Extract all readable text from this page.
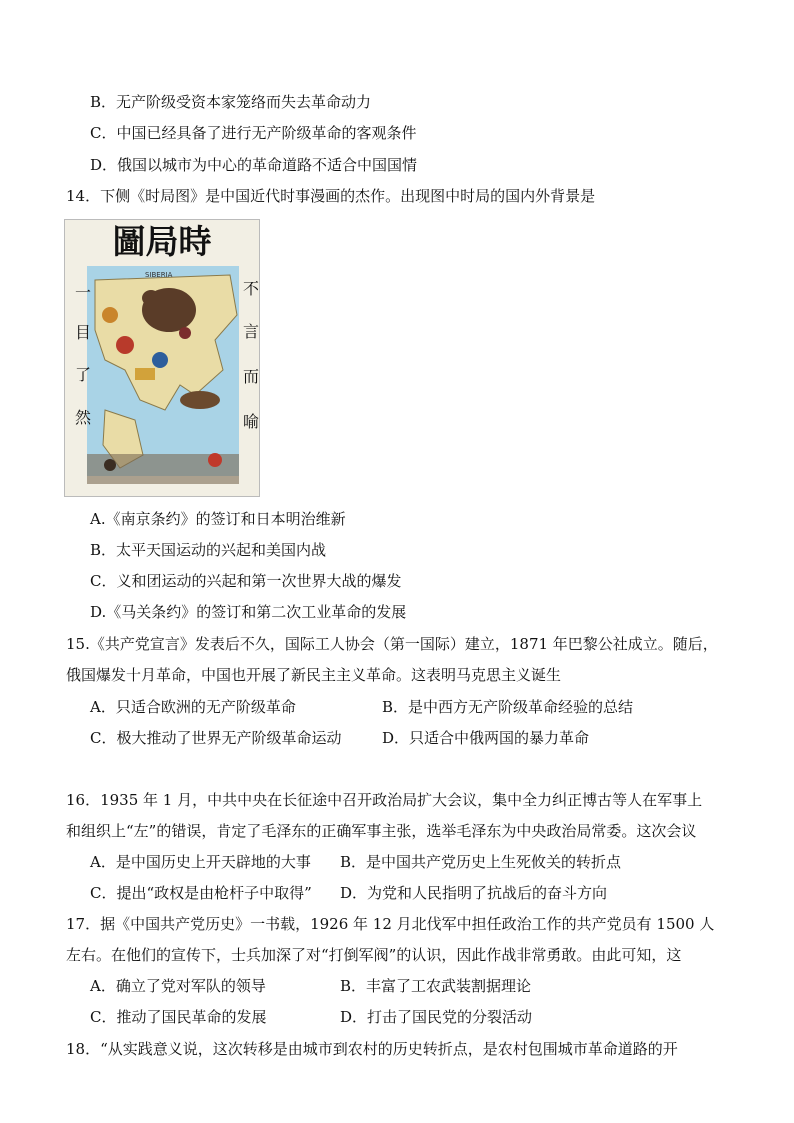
B．无产阶级受资本家笼络而失去革命动力
C．中国已经具备了进行无产阶级革命的客观条件
D．俄国以城市为中心的革命道路不适合中国国情
14．下侧《时局图》是中国近代时事漫画的杰作。出现图中时局的国内外背景是
圖局時
SIBERIA
一
目
了
然
不
言
而
喻
A.《南京条约》的签订和日本明治维新
B．太平天国运动的兴起和美国内战
C．义和团运动的兴起和第一次世界大战的爆发
D.《马关条约》的签订和第二次工业革命的发展
15.《共产党宣言》发表后不久，国际工人协会（第一国际）建立，1871 年巴黎公社成立。随后，
俄国爆发十月革命，中国也开展了新民主主义革命。这表明马克思主义诞生
A．只适合欧洲的无产阶级革命	B．是中西方无产阶级革命经验的总结
C．极大推动了世界无产阶级革命运动	D．只适合中俄两国的暴力革命
16．1935 年 1 月，中共中央在长征途中召开政治局扩大会议，集中全力纠正博古等人在军事上
和组织上“左”的错误，肯定了毛泽东的正确军事主张，选举毛泽东为中央政治局常委。这次会议
A．是中国历史上开天辟地的大事 B．是中国共产党历史上生死攸关的转折点
C．提出“政权是由枪杆子中取得” D．为党和人民指明了抗战后的奋斗方向
17．据《中国共产党历史》一书载，1926 年 12 月北伐军中担任政治工作的共产党员有 1500 人
左右。在他们的宣传下，士兵加深了对“打倒军阀”的认识，因此作战非常勇敢。由此可知，这
A．确立了党对军队的领导	B．丰富了工农武装割据理论
C．推动了国民革命的发展	D．打击了国民党的分裂活动
18．“从实践意义说，这次转移是由城市到农村的历史转折点，是农村包围城市革命道路的开
